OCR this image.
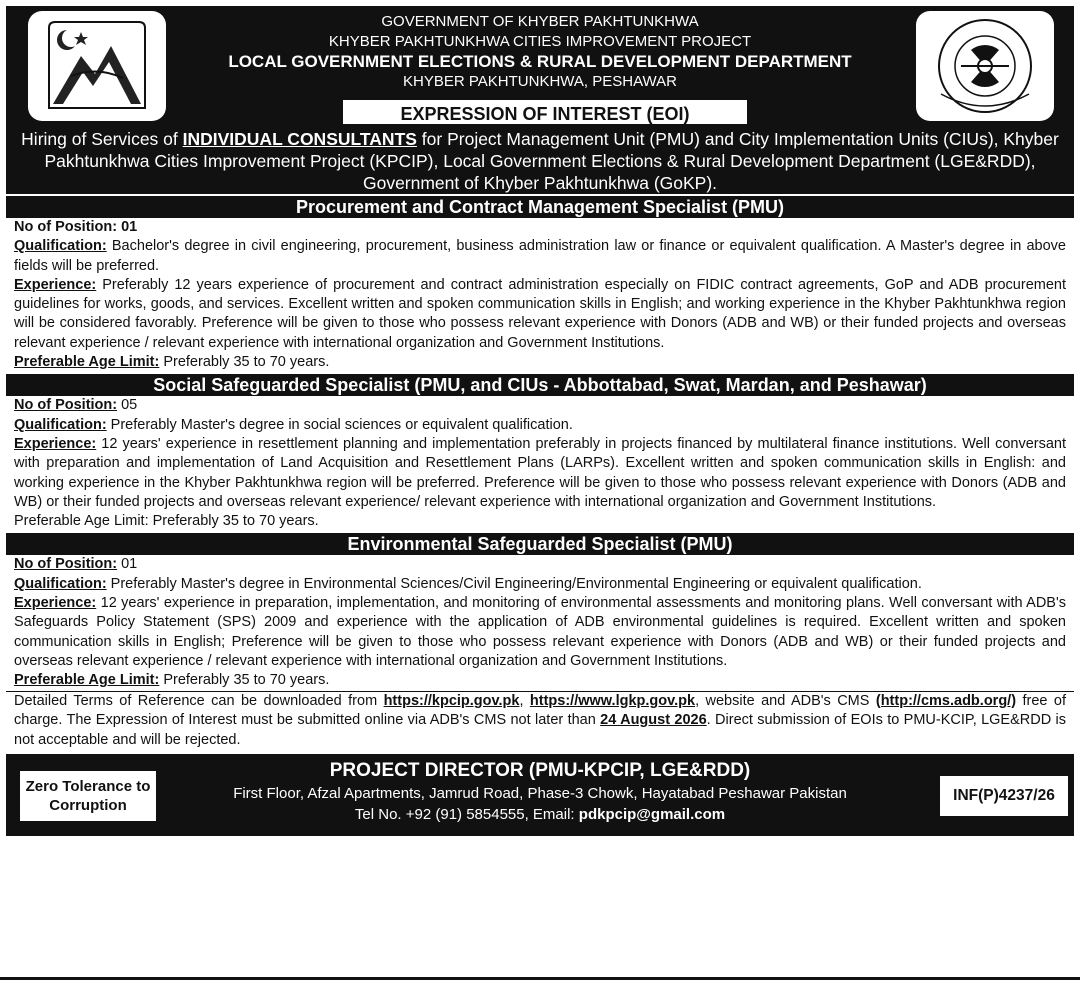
GOVERNMENT OF KHYBER PAKHTUNKHWA
KHYBER PAKHTUNKHWA CITIES IMPROVEMENT PROJECT
LOCAL GOVERNMENT ELECTIONS & RURAL DEVELOPMENT DEPARTMENT
KHYBER PAKHTUNKHWA, PESHAWAR
EXPRESSION OF INTEREST (EOI)
Hiring of Services of INDIVIDUAL CONSULTANTS for Project Management Unit (PMU) and City Implementation Units (CIUs), Khyber Pakhtunkhwa Cities Improvement Project (KPCIP), Local Government Elections & Rural Development Department (LGE&RDD), Government of Khyber Pakhtunkhwa (GoKP).
Procurement and Contract Management Specialist (PMU)

No of Position: 01

Qualification: Bachelor's degree in civil engineering, procurement, business administration law or finance or equivalent qualification. A Master's degree in above fields will be preferred.

Experience: Preferably 12 years experience of procurement and contract administration especially on FIDIC contract agreements, GoP and ADB procurement guidelines for works, goods, and services. Excellent written and spoken communication skills in English; and working experience in the Khyber Pakhtunkhwa region will be considered favorably. Preference will be given to those who possess relevant experience with Donors (ADB and WB) or their funded projects and overseas relevant experience / relevant experience with international organization and Government Institutions.

Preferable Age Limit: Preferably 35 to 70 years.

Social Safeguarded Specialist (PMU, and CIUs - Abbottabad, Swat, Mardan, and Peshawar)

No of Position: 05

Qualification: Preferably Master's degree in social sciences or equivalent qualification.

Experience: 12 years' experience in resettlement planning and implementation preferably in projects financed by multilateral finance institutions. Well conversant with preparation and implementation of Land Acquisition and Resettlement Plans (LARPs). Excellent written and spoken communication skills in English: and working experience in the Khyber Pakhtunkhwa region will be preferred. Preference will be given to those who possess relevant experience with Donors (ADB and WB) or their funded projects and overseas relevant experience/ relevant experience with international organization and Government Institutions.

Preferable Age Limit: Preferably 35 to 70 years.

Environmental Safeguarded Specialist (PMU)

No of Position: 01

Qualification: Preferably Master's degree in Environmental Sciences/Civil Engineering/Environmental Engineering or equivalent qualification.

Experience: 12 years' experience in preparation, implementation, and monitoring of environmental assessments and monitoring plans. Well conversant with ADB's Safeguards Policy Statement (SPS) 2009 and experience with the application of ADB environmental guidelines is required. Excellent written and spoken communication skills in English; Preference will be given to those who possess relevant experience with Donors (ADB and WB) or their funded projects and overseas relevant experience / relevant experience with international organization and Government Institutions.

Preferable Age Limit: Preferably 35 to 70 years.

Detailed Terms of Reference can be downloaded from https://kpcip.gov.pk, https://www.lgkp.gov.pk, website and ADB's CMS (http://cms.adb.org/) free of charge. The Expression of Interest must be submitted online via ADB's CMS not later than 24 August 2026. Direct submission of EOIs to PMU-KCIP, LGE&RDD is not acceptable and will be rejected.
Zero Tolerance to Corruption
PROJECT DIRECTOR (PMU-KPCIP, LGE&RDD)
First Floor, Afzal Apartments, Jamrud Road, Phase-3 Chowk, Hayatabad Peshawar Pakistan
Tel No. +92 (91) 5854555, Email: pdkpcip@gmail.com
INF(P)4237/26
